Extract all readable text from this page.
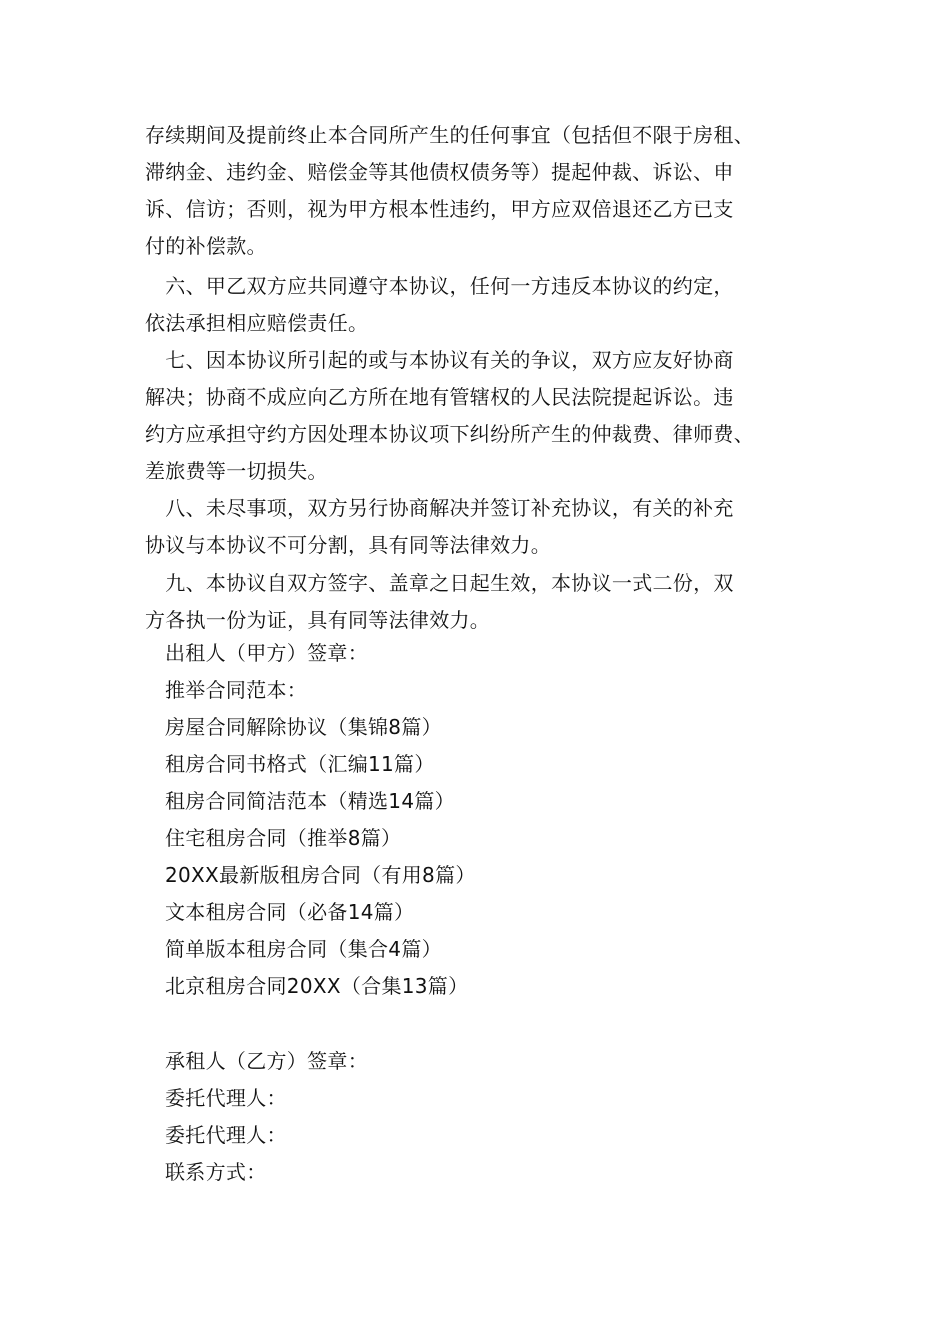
存续期间及提前终止本合同所产生的任何事宜（包括但不限于房租、
滞纳金、违约金、赔偿金等其他债权债务等）提起仲裁、诉讼、申
诉、信访；否则，视为甲方根本性违约，甲方应双倍退还乙方已支
付的补偿款。
　六、甲乙双方应共同遵守本协议，任何一方违反本协议的约定，
依法承担相应赔偿责任。
　七、因本协议所引起的或与本协议有关的争议，双方应友好协商
解决；协商不成应向乙方所在地有管辖权的人民法院提起诉讼。违
约方应承担守约方因处理本协议项下纠纷所产生的仲裁费、律师费、
差旅费等一切损失。
　八、未尽事项，双方另行协商解决并签订补充协议，有关的补充
协议与本协议不可分割，具有同等法律效力。
　九、本协议自双方签字、盖章之日起生效，本协议一式二份，双
方各执一份为证，具有同等法律效力。
出租人（甲方）签章：
推举合同范本：
房屋合同解除协议（集锦8篇）
租房合同书格式（汇编11篇）
租房合同简洁范本（精选14篇）
住宅租房合同（推举8篇）
20XX最新版租房合同（有用8篇）
文本租房合同（必备14篇）
简单版本租房合同（集合4篇）
北京租房合同20XX（合集13篇）
承租人（乙方）签章：
委托代理人：
委托代理人：
联系方式：
